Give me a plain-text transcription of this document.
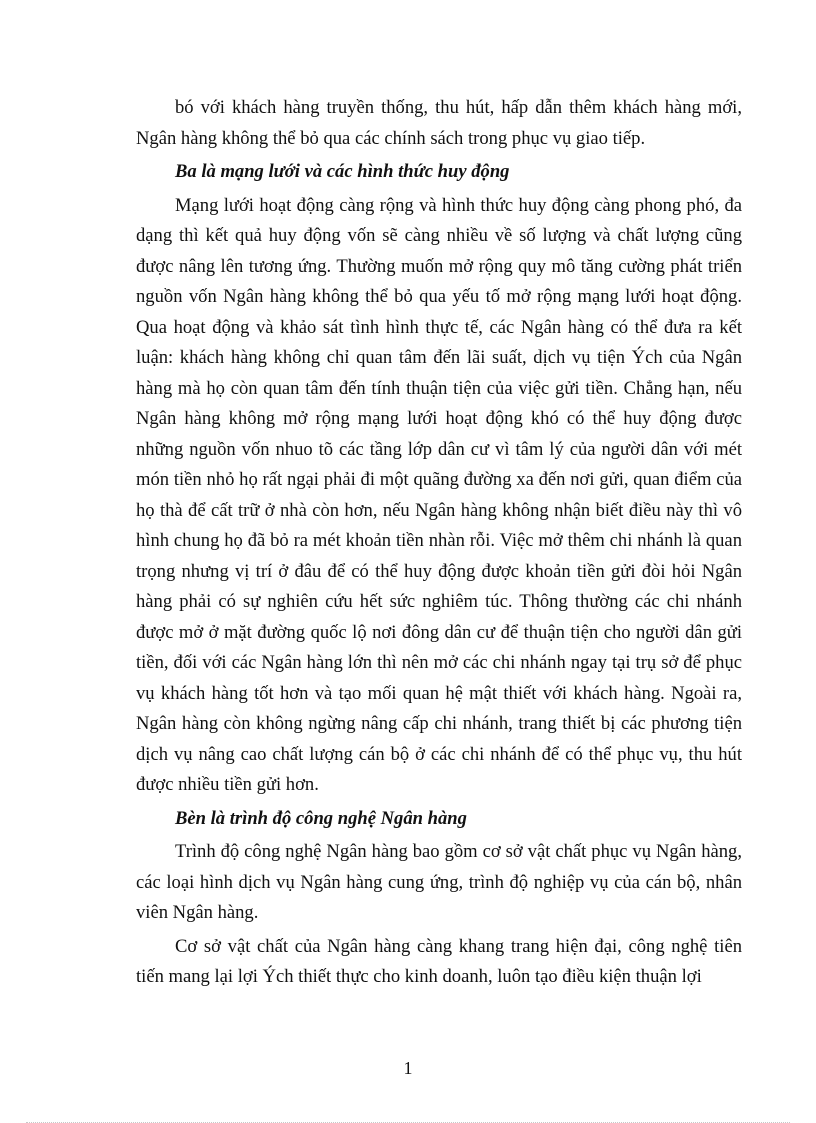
bó với khách hàng truyền thống, thu hút, hấp dẫn thêm khách hàng mới, Ngân hàng không thể bỏ qua các chính sách trong phục vụ giao tiếp.

Ba là mạng lưới và các hình thức huy động

Mạng lưới hoạt động càng rộng và hình thức huy động càng phong phó, đa dạng thì kết quả huy động vốn sẽ càng nhiều về số lượng và chất lượng cũng được nâng lên tương ứng. Thường muốn mở rộng quy mô tăng cường phát triển nguồn vốn Ngân hàng không thể bỏ qua yếu tố mở rộng mạng lưới hoạt động. Qua hoạt động và khảo sát tình hình thực tế, các Ngân hàng có thể đưa ra kết luận: khách hàng không chỉ quan tâm đến lãi suất, dịch vụ tiện Ých của Ngân hàng mà họ còn quan tâm đến tính thuận tiện của việc gửi tiền. Chẳng hạn, nếu Ngân hàng không mở rộng mạng lưới hoạt động khó có thể huy động được những nguồn vốn nhuo tõ các tầng lớp dân cư vì tâm lý của người dân với mét món tiền nhỏ họ rất ngại phải đi một quãng đường xa đến nơi gửi, quan điểm của họ thà để cất trữ ở nhà còn hơn, nếu Ngân hàng không nhận biết điều này thì vô hình chung họ đã bỏ ra mét khoản tiền nhàn rỗi. Việc mở thêm chi nhánh là quan trọng nhưng vị trí ở đâu để có thể huy động được khoản tiền gửi đòi hỏi Ngân hàng phải có sự nghiên cứu hết sức nghiêm túc. Thông thường các chi nhánh được mở ở mặt đường quốc lộ nơi đông dân cư để thuận tiện cho người dân gửi tiền, đối với các Ngân hàng lớn thì nên mở các chi nhánh ngay tại trụ sở để phục vụ khách hàng tốt hơn và tạo mối quan hệ mật thiết với khách hàng. Ngoài ra, Ngân hàng còn không ngừng nâng cấp chi nhánh, trang thiết bị các phương tiện dịch vụ nâng cao chất lượng cán bộ ở các chi nhánh để có thể phục vụ, thu hút được nhiều tiền gửi hơn.

Bèn là trình độ công nghệ Ngân hàng

Trình độ công nghệ Ngân hàng bao gồm cơ sở vật chất phục vụ Ngân hàng, các loại hình dịch vụ Ngân hàng cung ứng, trình độ nghiệp vụ của cán bộ, nhân viên Ngân hàng.

Cơ sở vật chất của Ngân hàng càng khang trang hiện đại, công nghệ tiên tiến mang lại lợi Ých thiết thực cho kinh doanh, luôn tạo điều kiện thuận lợi

1
